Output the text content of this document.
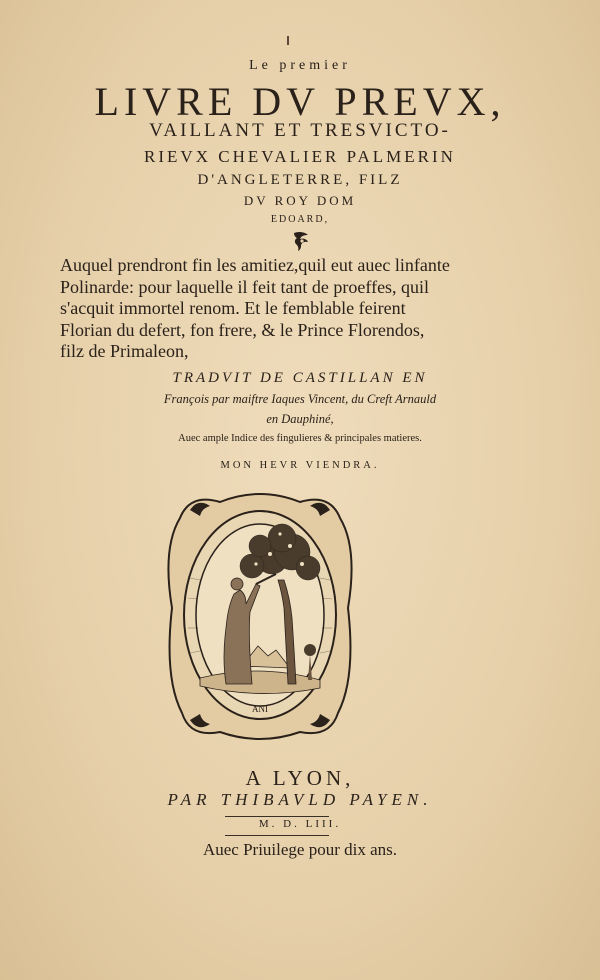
Le premier
LIVRE DV PREVX,
VAILLANT ET TRESVICTO-
RIEVX CHEVALIER PALMERIN
D'ANGLETERRE, FILZ
DV ROY DOM
EDOARD,
Auquel prendront fin les amitiez,quil eut auec linfante
Polinarde: pour laquelle il feit tant de proeffes, quil
s'acquit immortel renom. Et le femblable feirent
Florian du defert, fon frere, & le Prince Florendos,
filz de Primaleon,
TRADVIT DE CASTILLAN EN
François par maiftre Iaques Vincent, du Creft Arnauld
en Dauphiné,
Auec ample Indice des fingulieres & principales matieres.
MON HEVR VIENDRA.
ANI
A LYON,
PAR THIBAVLD PAYEN.
M. D. LIII.
Auec Priuilege pour dix ans.
